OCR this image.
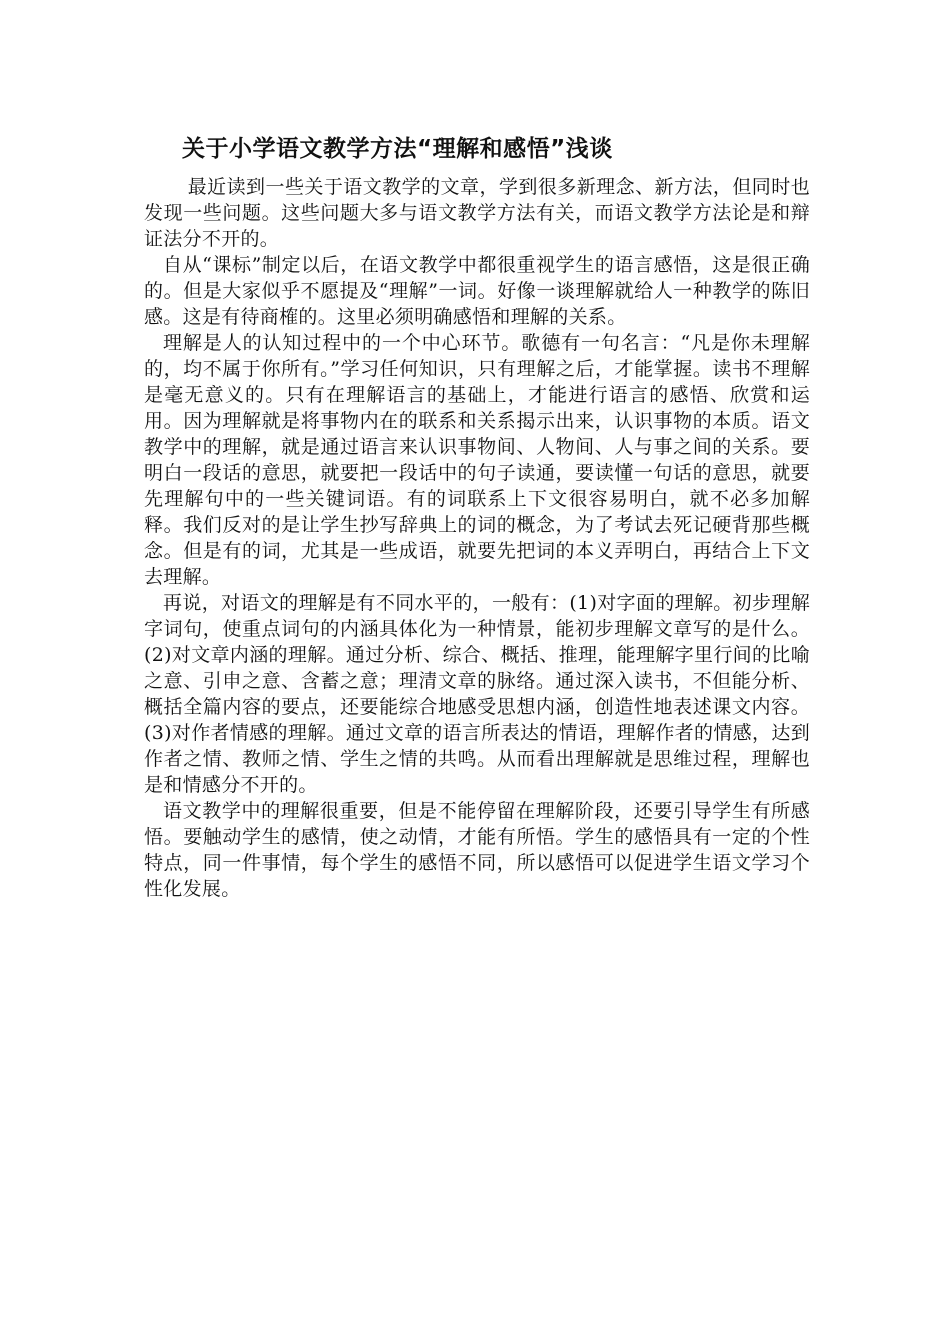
关于小学语文教学方法“理解和感悟”浅谈

最近读到一些关于语文教学的文章，学到很多新理念、新方法，但同时也发现一些问题。这些问题大多与语文教学方法有关，而语文教学方法论是和辩证法分不开的。

自从“课标”制定以后，在语文教学中都很重视学生的语言感悟，这是很正确的。但是大家似乎不愿提及“理解”一词。好像一谈理解就给人一种教学的陈旧感。这是有待商榷的。这里必须明确感悟和理解的关系。

理解是人的认知过程中的一个中心环节。歌德有一句名言：“凡是你未理解的，均不属于你所有。”学习任何知识，只有理解之后，才能掌握。读书不理解是毫无意义的。只有在理解语言的基础上，才能进行语言的感悟、欣赏和运用。因为理解就是将事物内在的联系和关系揭示出来，认识事物的本质。语文教学中的理解，就是通过语言来认识事物间、人物间、人与事之间的关系。要明白一段话的意思，就要把一段话中的句子读通，要读懂一句话的意思，就要先理解句中的一些关键词语。有的词联系上下文很容易明白，就不必多加解释。我们反对的是让学生抄写辞典上的词的概念，为了考试去死记硬背那些概念。但是有的词，尤其是一些成语，就要先把词的本义弄明白，再结合上下文去理解。

再说，对语文的理解是有不同水平的，一般有：(1)对字面的理解。初步理解字词句，使重点词句的内涵具体化为一种情景，能初步理解文章写的是什么。(2)对文章内涵的理解。通过分析、综合、概括、推理，能理解字里行间的比喻之意、引申之意、含蓄之意；理清文章的脉络。通过深入读书，不但能分析、概括全篇内容的要点，还要能综合地感受思想内涵，创造性地表述课文内容。(3)对作者情感的理解。通过文章的语言所表达的情语，理解作者的情感，达到作者之情、教师之情、学生之情的共鸣。从而看出理解就是思维过程，理解也是和情感分不开的。

语文教学中的理解很重要，但是不能停留在理解阶段，还要引导学生有所感悟。要触动学生的感情，使之动情，才能有所悟。学生的感悟具有一定的个性特点，同一件事情，每个学生的感悟不同，所以感悟可以促进学生语文学习个性化发展。
